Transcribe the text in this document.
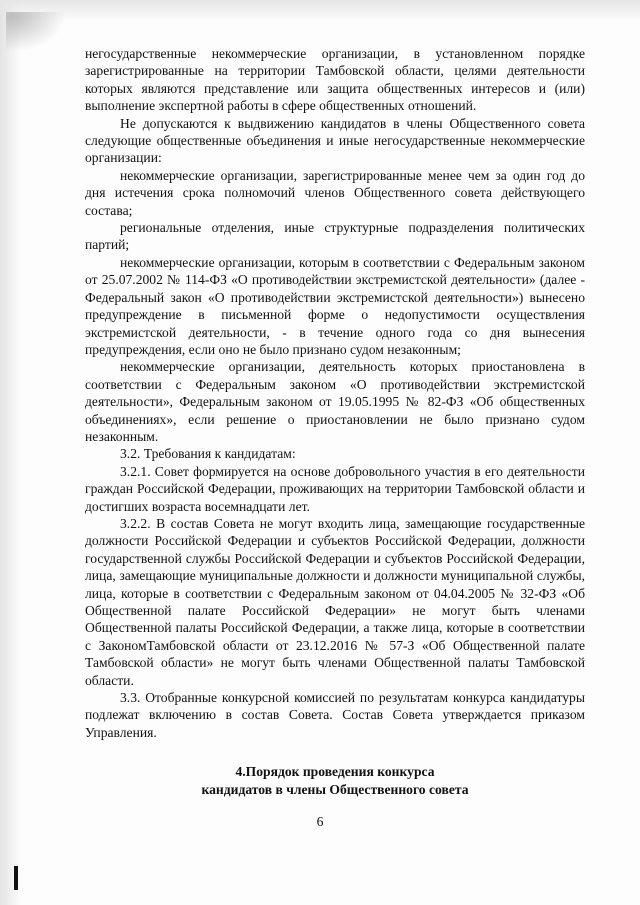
негосударственные некоммерческие организации, в установленном порядке зарегистрированные на территории Тамбовской области, целями деятельности которых являются представление или защита общественных интересов и (или) выполнение экспертной работы в сфере общественных отношений.

Не допускаются к выдвижению кандидатов в члены Общественного совета следующие общественные объединения и иные негосударственные некоммерческие организации:

некоммерческие организации, зарегистрированные менее чем за один год до дня истечения срока полномочий членов Общественного совета действующего состава;

региональные отделения, иные структурные подразделения политических партий;

некоммерческие организации, которым в соответствии с Федеральным законом от 25.07.2002 № 114-ФЗ «О противодействии экстремистской деятельности» (далее - Федеральный закон «О противодействии экстремистской деятельности») вынесено предупреждение в письменной форме о недопустимости осуществления экстремистской деятельности, - в течение одного года со дня вынесения предупреждения, если оно не было признано судом незаконным;

некоммерческие организации, деятельность которых приостановлена в соответствии с Федеральным законом «О противодействии экстремистской деятельности», Федеральным законом от 19.05.1995 № 82-ФЗ «Об общественных объединениях», если решение о приостановлении не было признано судом незаконным.

3.2. Требования к кандидатам:

3.2.1. Совет формируется на основе добровольного участия в его деятельности граждан Российской Федерации, проживающих на территории Тамбовской области и достигших возраста восемнадцати лет.

3.2.2. В состав Совета не могут входить лица, замещающие государственные должности Российской Федерации и субъектов Российской Федерации, должности государственной службы Российской Федерации и субъектов Российской Федерации, лица, замещающие муниципальные должности и должности муниципальной службы, лица, которые в соответствии с Федеральным законом от 04.04.2005 № 32-ФЗ «Об Общественной палате Российской Федерации» не могут быть членами Общественной палаты Российской Федерации, а также лица, которые в соответствии с ЗакономТамбовской области от 23.12.2016 № 57-З «Об Общественной палате Тамбовской области» не могут быть членами Общественной палаты Тамбовской области.

3.3. Отобранные конкурсной комиссией по результатам конкурса кандидатуры подлежат включению в состав Совета. Состав Совета утверждается приказом Управления.

4.Порядок проведения конкурса
кандидатов в члены Общественного совета
6
